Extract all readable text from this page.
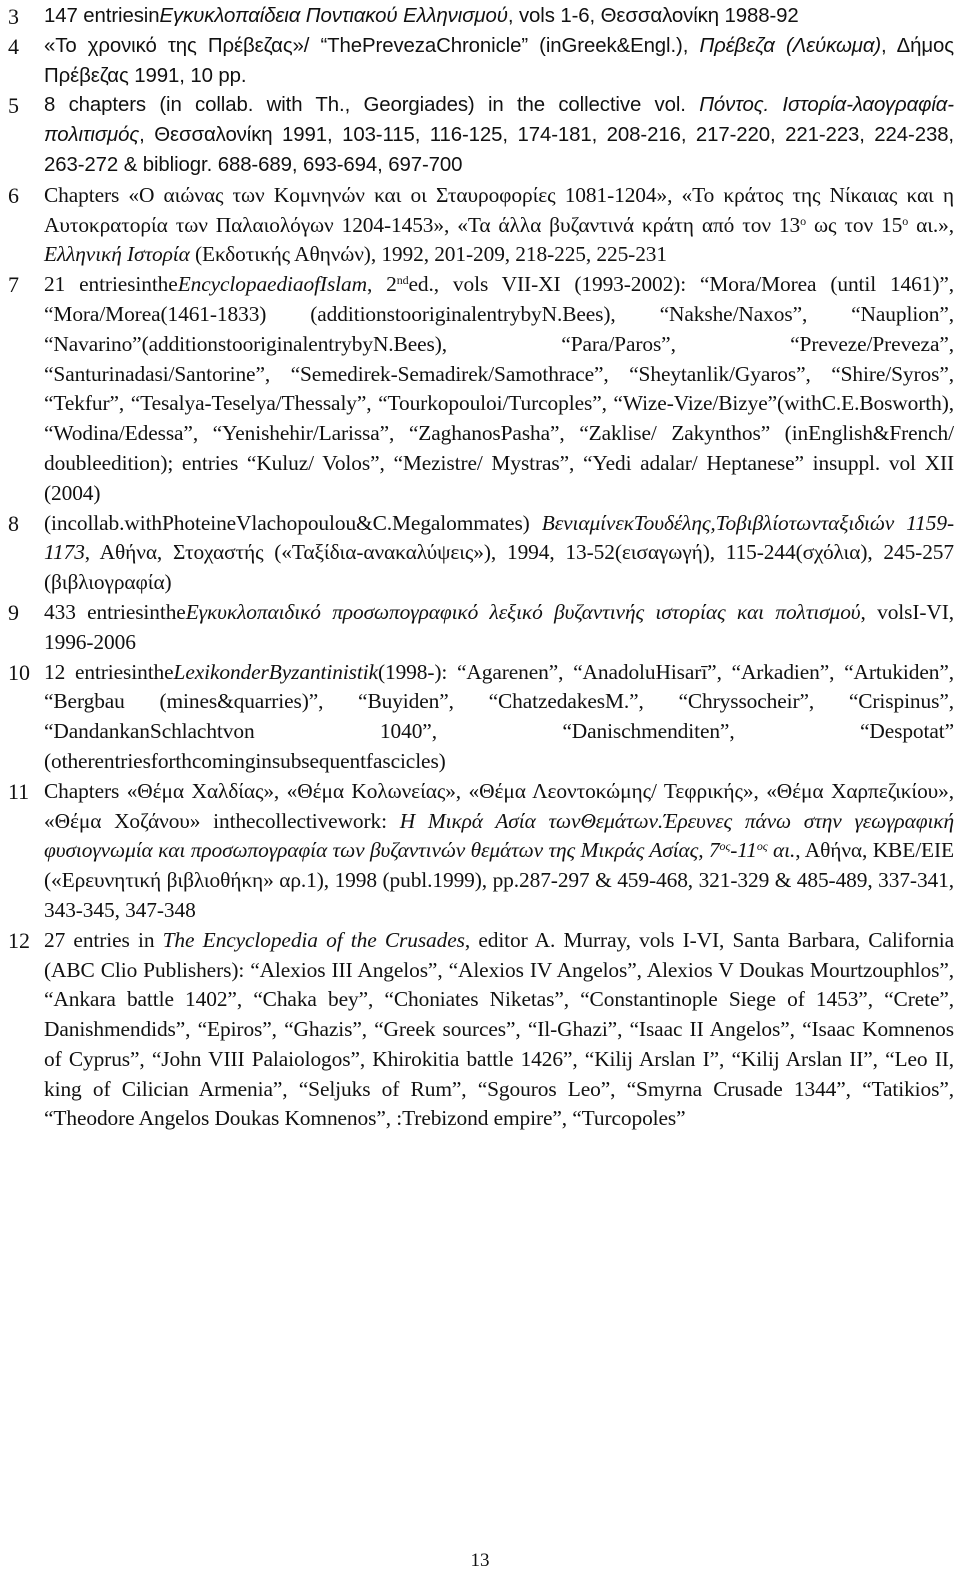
3	147 entriesinΕγκυκλοπαίδεια Ποντιακού Ελληνισμού, vols 1-6, Θεσσαλονίκη 1988-92
4	«Το χρονικό της Πρέβεζας»/ “ThePrevezaChronicle” (inGreek&Engl.), Πρέβεζα (Λεύκωμα), Δήμος Πρέβεζας 1991, 10 pp.
5	8 chapters (in collab. with Th., Georgiades) in the collective vol. Πόντος. Ιστορία-λαογραφία-πολιτισμός, Θεσσαλονίκη 1991, 103-115, 116-125, 174-181, 208-216, 217-220, 221-223, 224-238, 263-272 & bibliogr. 688-689, 693-694, 697-700
6	Chapters «Ο αιώνας των Κομνηνών και οι Σταυροφορίες 1081-1204», «Το κράτος της Νίκαιας και η Αυτοκρατορία των Παλαιολόγων 1204-1453», «Τα άλλα βυζαντινά κράτη από τον $13^o$ ως τον $15^o$ αι.», Ελληνική Ιστορία (Εκδοτικής Αθηνών), 1992, 201-209, 218-225, 225-231
7	21 entriesintheEncyclopaediaofIslam, 2nded., vols VII-XI (1993-2002): “Mora/Morea (until 1461)”, “Mora/Morea(1461-1833) (additionstooriginalentrybyN.Bees), “Nakshe/Naxos”, “Nauplion”, “Navarino”(additionstooriginalentrybyN.Bees), “Para/Paros”, “Preveze/Preveza”, “Santurinadasi/Santorine”, “Semedirek-Semadirek/Samothrace”, “Sheytanlik/Gyaros”, “Shire/Syros”, “Tekfur”, “Tesalya-Teselya/Thessaly”, “Tourkopouloi/Turcoples”, “Wize-Vize/Bizye”(withC.E.Bosworth), “Wodina/Edessa”, “Yenishehir/Larissa”, “ZaghanosPasha”, “Zaklise/ Zakynthos” (inEnglish&French/ doubleedition); entries “Kuluz/ Volos”, “Mezistre/ Mystras”, “Yedi adalar/ Heptanese” insuppl. vol XII (2004)
8	(incollab.withPhoteineVlachopoulou&C.Megalommates) ΒενιαμίνεκΤουδέλης,Τοβιβλίοτωνταξιδιών 1159-1173, Αθήνα, Στοχαστής («Ταξίδια-ανακαλύψεις»), 1994, 13-52(εισαγωγή), 115-244(σχόλια), 245-257 (βιβλιογραφία)
9	433 entriesintheΕγκυκλοπαιδικό προσωπογραφικό λεξικό βυζαντινής ιστορίας και πολτισμού, volsI-VI, 1996-2006
10 12 entriesintheLexikonderByzantinistik(1998-): “Agarenen”, “AnadoluHisarī”, “Arkadien”, “Artukiden”, “Bergbau (mines&quarries)”, “Buyiden”, “ChatzedakesM.”, “Chryssocheir”, “Crispinus”, “DandankanSchlachtvon 1040”, “Danischmenditen”, “Despotat” (otherentriesforthcominginsubsequentfascicles)
11 Chapters «Θέμα Χαλδίας», «Θέμα Κολωνείας», «Θέμα Λεοντοκώμης/ Τεφρικής», «Θέμα Χαρπεζικίου», «Θέμα Χοζάνου» inthecollectivework: Η Μικρά Ασία τωνΘεμάτων.Έρευνες πάνω στην γεωγραφική φυσιογνωμία και προσωπογραφία των βυζαντινών θεμάτων της Μικράς Ασίας, $7^{o\varsigma}-11^{o\varsigma}$ αι., Αθήνα, ΚΒΕ/ΕΙΕ («Ερευνητική βιβλιοθήκη» αρ.1), 1998 (publ.1999), pp.287-297 & 459-468, 321-329 & 485-489, 337-341, 343-345, 347-348
12 27 entries in The Encyclopedia of the Crusades, editor A. Murray, vols I-VI, Santa Barbara, California (ABC Clio Publishers): “Alexios III Angelos”, “Alexios IV Angelos”, Alexios V Doukas Mourtzouphlos”, “Ankara battle 1402”, “Chaka bey”, “Choniates Niketas”, “Constantinople Siege of 1453”, “Crete”, Danishmendids”, “Epiros”, “Ghazis”, “Greek sources”, “Il-Ghazi”, “Isaac II Angelos”, “Isaac Komnenos of Cyprus”, “John VIII Palaiologos”, Khirokitia battle 1426”, “Kilij Arslan I”, “Kilij Arslan II”, “Leo II, king of Cilician Armenia”, “Seljuks of Rum”, “Sgouros Leo”, “Smyrna Crusade 1344”, “Tatikios”, “Theodore Angelos Doukas Komnenos”, :Trebizond empire”, “Turcopoles”
13
